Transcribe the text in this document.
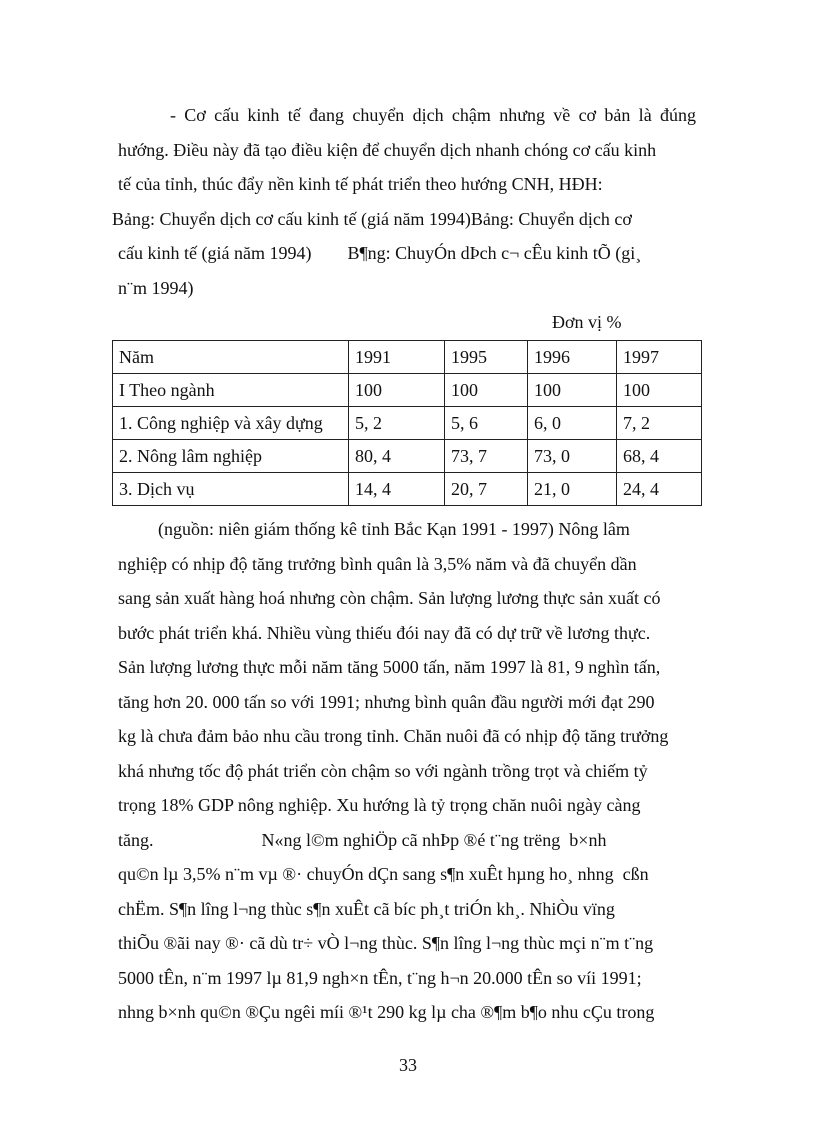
- Cơ cấu kinh tế đang chuyển dịch chậm nhưng về cơ bản là đúng
hướng. Điều này đã tạo điều kiện để chuyển dịch nhanh chóng cơ cấu kinh
tế của tỉnh, thúc đẩy nền kinh tế phát triển theo hướng CNH, HĐH:
Bảng: Chuyển dịch cơ cấu kinh tế (giá năm 1994)Bảng: Chuyển dịch cơ
cấu kinh tế (giá năm 1994)        B¶ng: ChuyÓn dÞch c¬ cÊu kinh tÕ (gi¸
n¨m 1994)
Đơn vị %
Năm	1991	1995	1996	1997
I Theo ngành	100	100	100	100
1. Công nghiệp và xây dựng	5, 2	5, 6	6, 0	7, 2
2. Nông lâm nghiệp	80, 4	73, 7	73, 0	68, 4
3. Dịch vụ	14, 4	20, 7	21, 0	24, 4
(nguồn: niên giám thống kê tỉnh Bắc Kạn 1991 - 1997) Nông lâm
nghiệp có nhịp độ tăng trưởng bình quân là 3,5% năm và đã chuyển dần
sang sản xuất hàng hoá nhưng còn chậm. Sản lượng lương thực sản xuất có
bước phát triển khá. Nhiều vùng thiếu đói nay đã có dự trữ về lương thực.
Sản lượng lương thực mỗi năm tăng 5000 tấn, năm 1997 là 81, 9 nghìn tấn,
tăng hơn 20. 000 tấn so với 1991; nhưng bình quân đầu người mới đạt 290
kg là chưa đảm bảo nhu cầu trong tỉnh. Chăn nuôi đã có nhịp độ tăng trưởng
khá nhưng tốc độ phát triển còn chậm so với ngành trồng trọt và chiếm tỷ
trọng 18% GDP nông nghiệp. Xu hướng là tỷ trọng chăn nuôi ngày càng
tăng.                        N«ng l©m nghiÖp cã nhÞp ®é t¨ng trëng  b×nh
qu©n lµ 3,5% n¨m vµ ®· chuyÓn dÇn sang s¶n xuÊt hµng ho¸ nhng  cßn
chËm. S¶n lîng l¬ng thùc s¶n xuÊt cã bíc ph¸t triÓn kh¸. NhiÒu vïng
thiÕu ®ãi nay ®· cã dù tr÷ vÒ l¬ng thùc. S¶n lîng l¬ng thùc mçi n¨m t¨ng
5000 tÊn, n¨m 1997 lµ 81,9 ngh×n tÊn, t¨ng h¬n 20.000 tÊn so víi 1991;
nhng b×nh qu©n ®Çu ngêi míi ®¹t 290 kg lµ cha ®¶m b¶o nhu cÇu trong
33
